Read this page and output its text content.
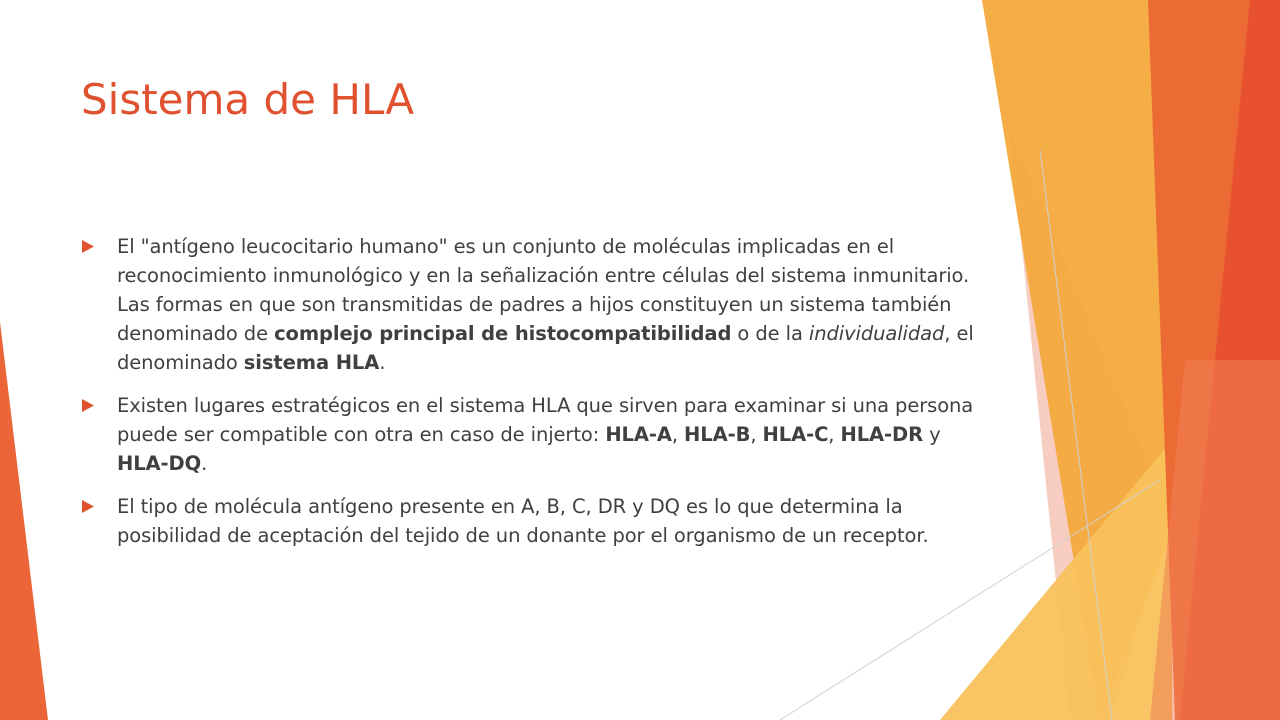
Sistema de HLA
El "antígeno leucocitario humano" es un conjunto de moléculas implicadas en el reconocimiento inmunológico y en la señalización entre células del sistema inmunitario. Las formas en que son transmitidas de padres a hijos constituyen un sistema también denominado de complejo principal de histocompatibilidad o de la individualidad, el denominado sistema HLA.
Existen lugares estratégicos en el sistema HLA que sirven para examinar si una persona puede ser compatible con otra en caso de injerto: HLA-A, HLA-B, HLA-C, HLA-DR y HLA-DQ.
El tipo de molécula antígeno presente en A, B, C, DR y DQ es lo que determina la posibilidad de aceptación del tejido de un donante por el organismo de un receptor.
